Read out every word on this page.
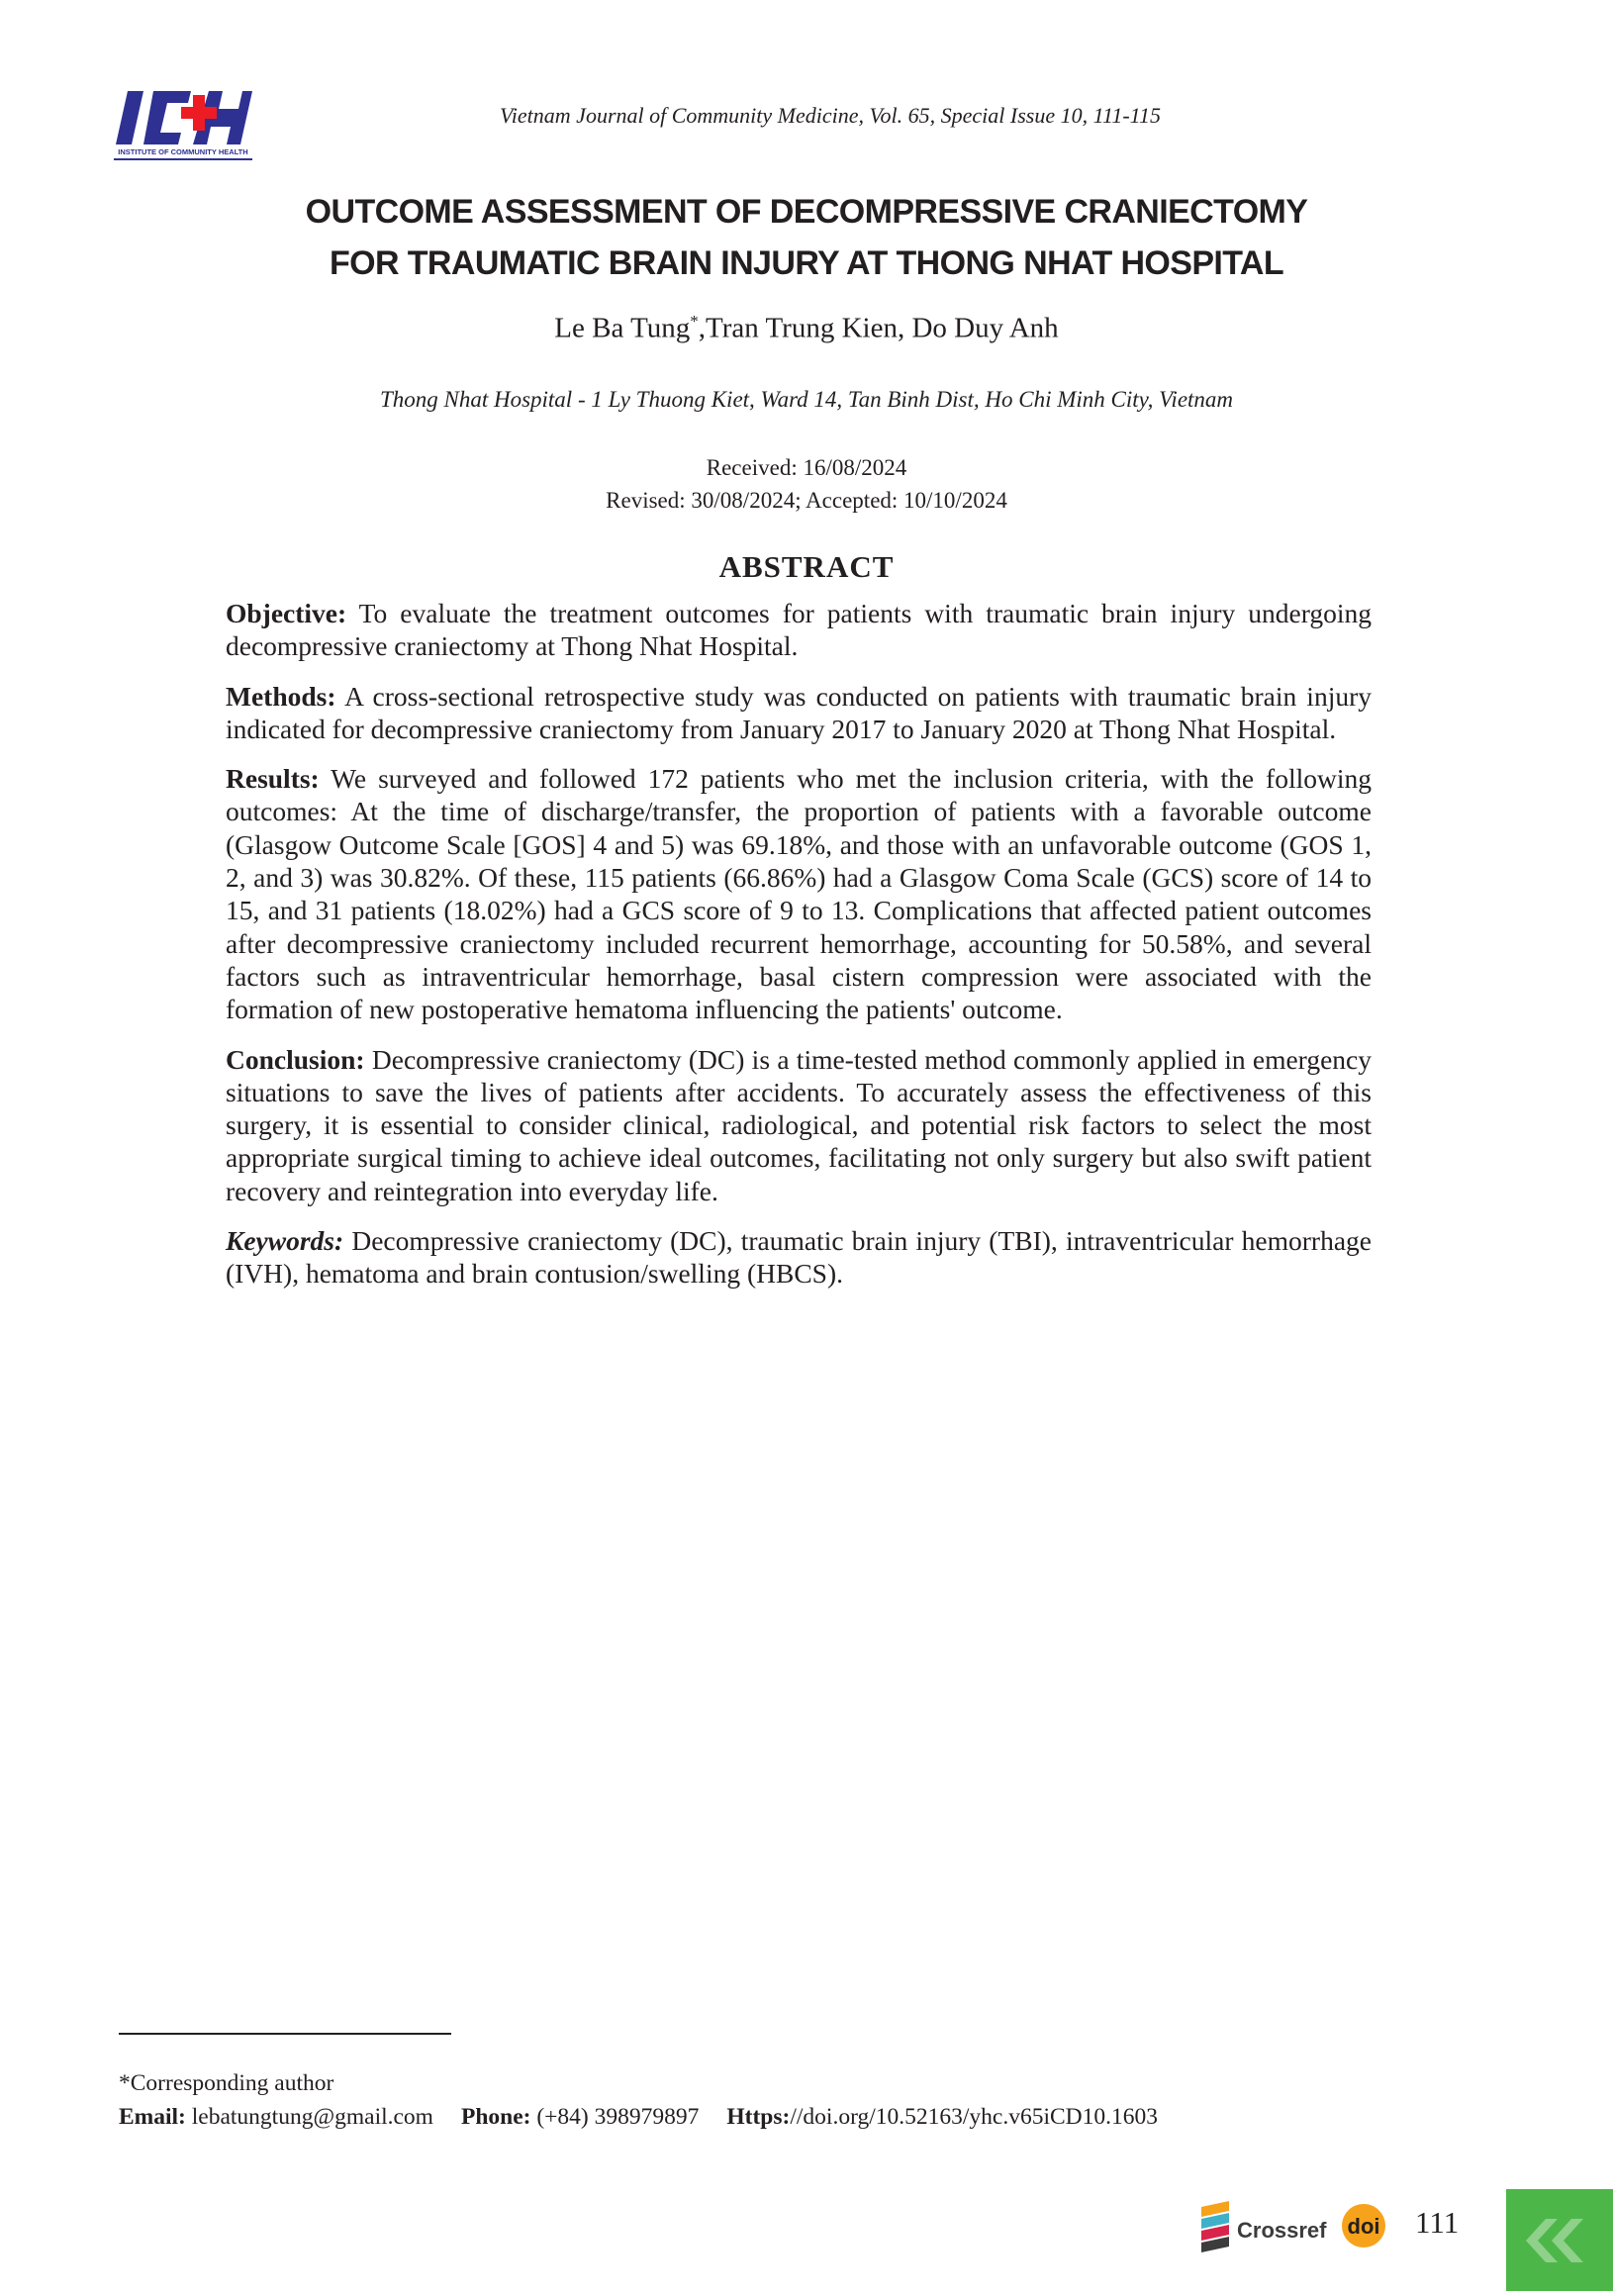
INSTITUTE OF COMMUNITY HEALTH
Vietnam Journal of Community Medicine, Vol. 65, Special Issue 10, 111-115
OUTCOME ASSESSMENT OF DECOMPRESSIVE CRANIECTOMY
FOR TRAUMATIC BRAIN INJURY AT THONG NHAT HOSPITAL
Le Ba Tung*,Tran Trung Kien, Do Duy Anh
Thong Nhat Hospital - 1 Ly Thuong Kiet, Ward 14, Tan Binh Dist, Ho Chi Minh City, Vietnam
Received: 16/08/2024
Revised: 30/08/2024; Accepted: 10/10/2024
ABSTRACT

Objective: To evaluate the treatment outcomes for patients with traumatic brain injury undergoing decompressive craniectomy at Thong Nhat Hospital.

Methods: A cross-sectional retrospective study was conducted on patients with traumatic brain injury indicated for decompressive craniectomy from January 2017 to January 2020 at Thong Nhat Hospital.

Results: We surveyed and followed 172 patients who met the inclusion criteria, with the following outcomes: At the time of discharge/transfer, the proportion of patients with a favorable outcome (Glasgow Outcome Scale [GOS] 4 and 5) was 69.18%, and those with an unfavorable outcome (GOS 1, 2, and 3) was 30.82%. Of these, 115 patients (66.86%) had a Glasgow Coma Scale (GCS) score of 14 to 15, and 31 patients (18.02%) had a GCS score of 9 to 13. Complications that affected patient outcomes after decompressive craniectomy included recurrent hemorrhage, accounting for 50.58%, and several factors such as intraventricular hemorrhage, basal cistern compression were associated with the formation of new postoperative hematoma influencing the patients' outcome.

Conclusion: Decompressive craniectomy (DC) is a time-tested method commonly applied in emergency situations to save the lives of patients after accidents. To accurately assess the effectiveness of this surgery, it is essential to consider clinical, radiological, and potential risk factors to select the most appropriate surgical timing to achieve ideal outcomes, facilitating not only surgery but also swift patient recovery and reintegration into everyday life.

Keywords: Decompressive craniectomy (DC), traumatic brain injury (TBI), intraventricular hemorrhage (IVH), hematoma and brain contusion/swelling (HBCS).

*Corresponding author
Email: lebatungtung@gmail.com Phone: (+84) 398979897 Https://doi.org/10.52163/yhc.v65iCD10.1603
Crossref doi 111
